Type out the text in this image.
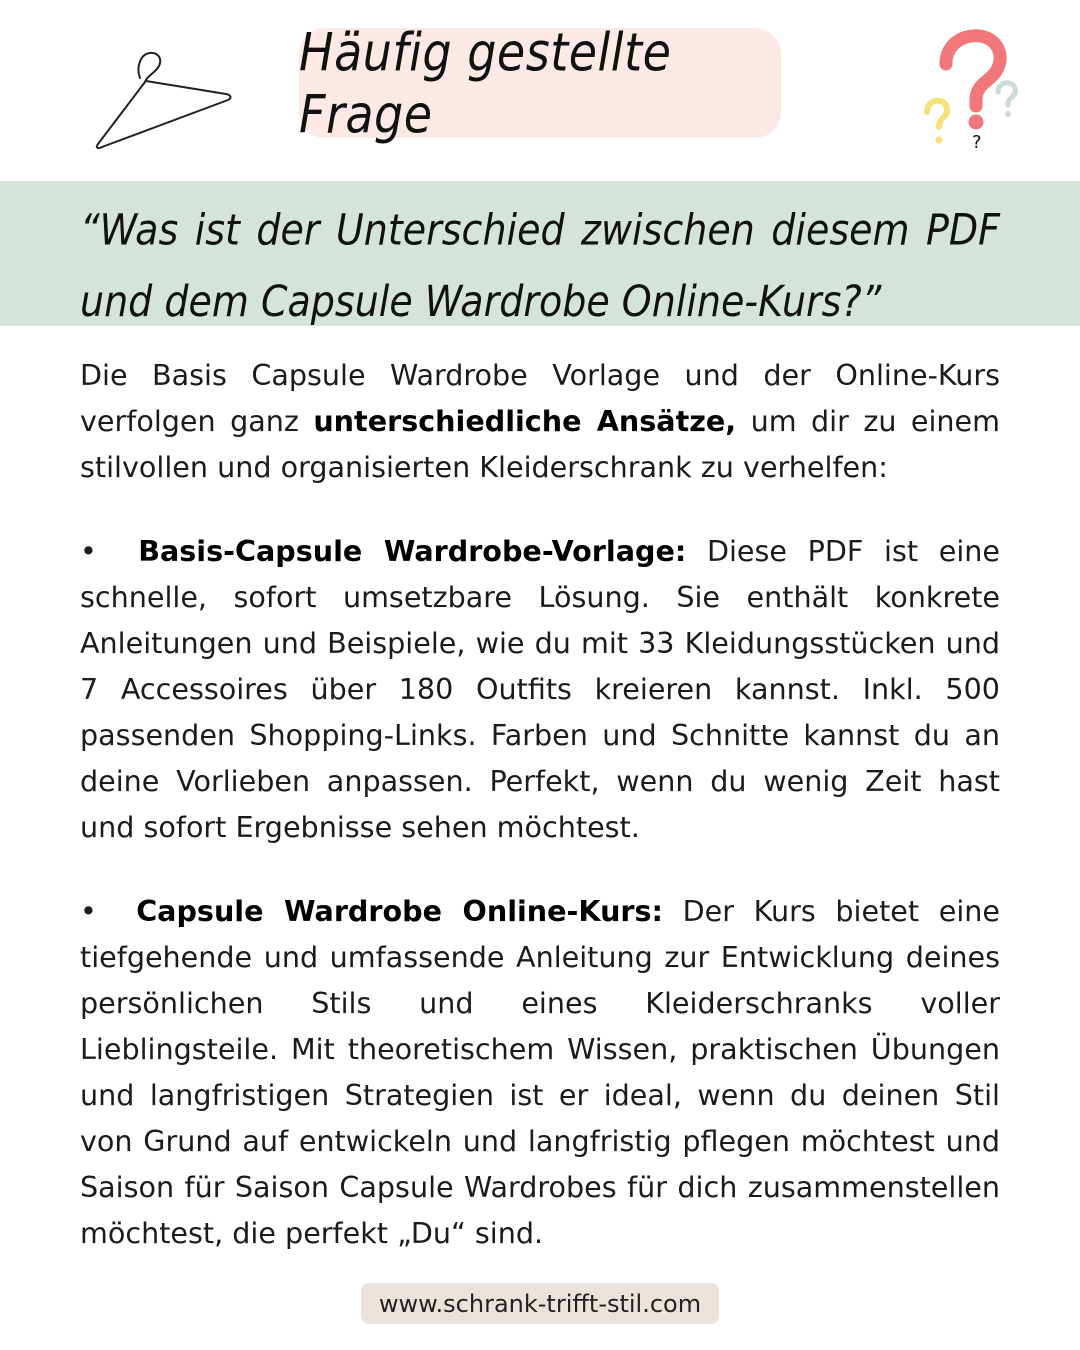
?
Häufig gestellte Frage
“Was ist der Unterschied zwischen diesem PDF und dem Capsule Wardrobe Online-Kurs?”

Die Basis Capsule Wardrobe Vorlage und der Online-Kurs verfolgen ganz unterschiedliche Ansätze, um dir zu einem stilvollen und organisierten Kleiderschrank zu verhelfen:

• Basis-Capsule Wardrobe-Vorlage: Diese PDF ist eine schnelle, sofort umsetzbare Lösung. Sie enthält konkrete Anleitungen und Beispiele, wie du mit 33 Kleidungsstücken und 7 Accessoires über 180 Outfits kreieren kannst. Inkl. 500 passenden Shopping-Links. Farben und Schnitte kannst du an deine Vorlieben anpassen. Perfekt, wenn du wenig Zeit hast und sofort Ergebnisse sehen möchtest.

• Capsule Wardrobe Online-Kurs: Der Kurs bietet eine tiefgehende und umfassende Anleitung zur Entwicklung deines persönlichen Stils und eines Kleiderschranks voller Lieblingsteile. Mit theoretischem Wissen, praktischen Übungen und langfristigen Strategien ist er ideal, wenn du deinen Stil von Grund auf entwickeln und langfristig pflegen möchtest und Saison für Saison Capsule Wardrobes für dich zusammenstellen möchtest, die perfekt „Du“ sind.

www.schrank-trifft-stil.com
